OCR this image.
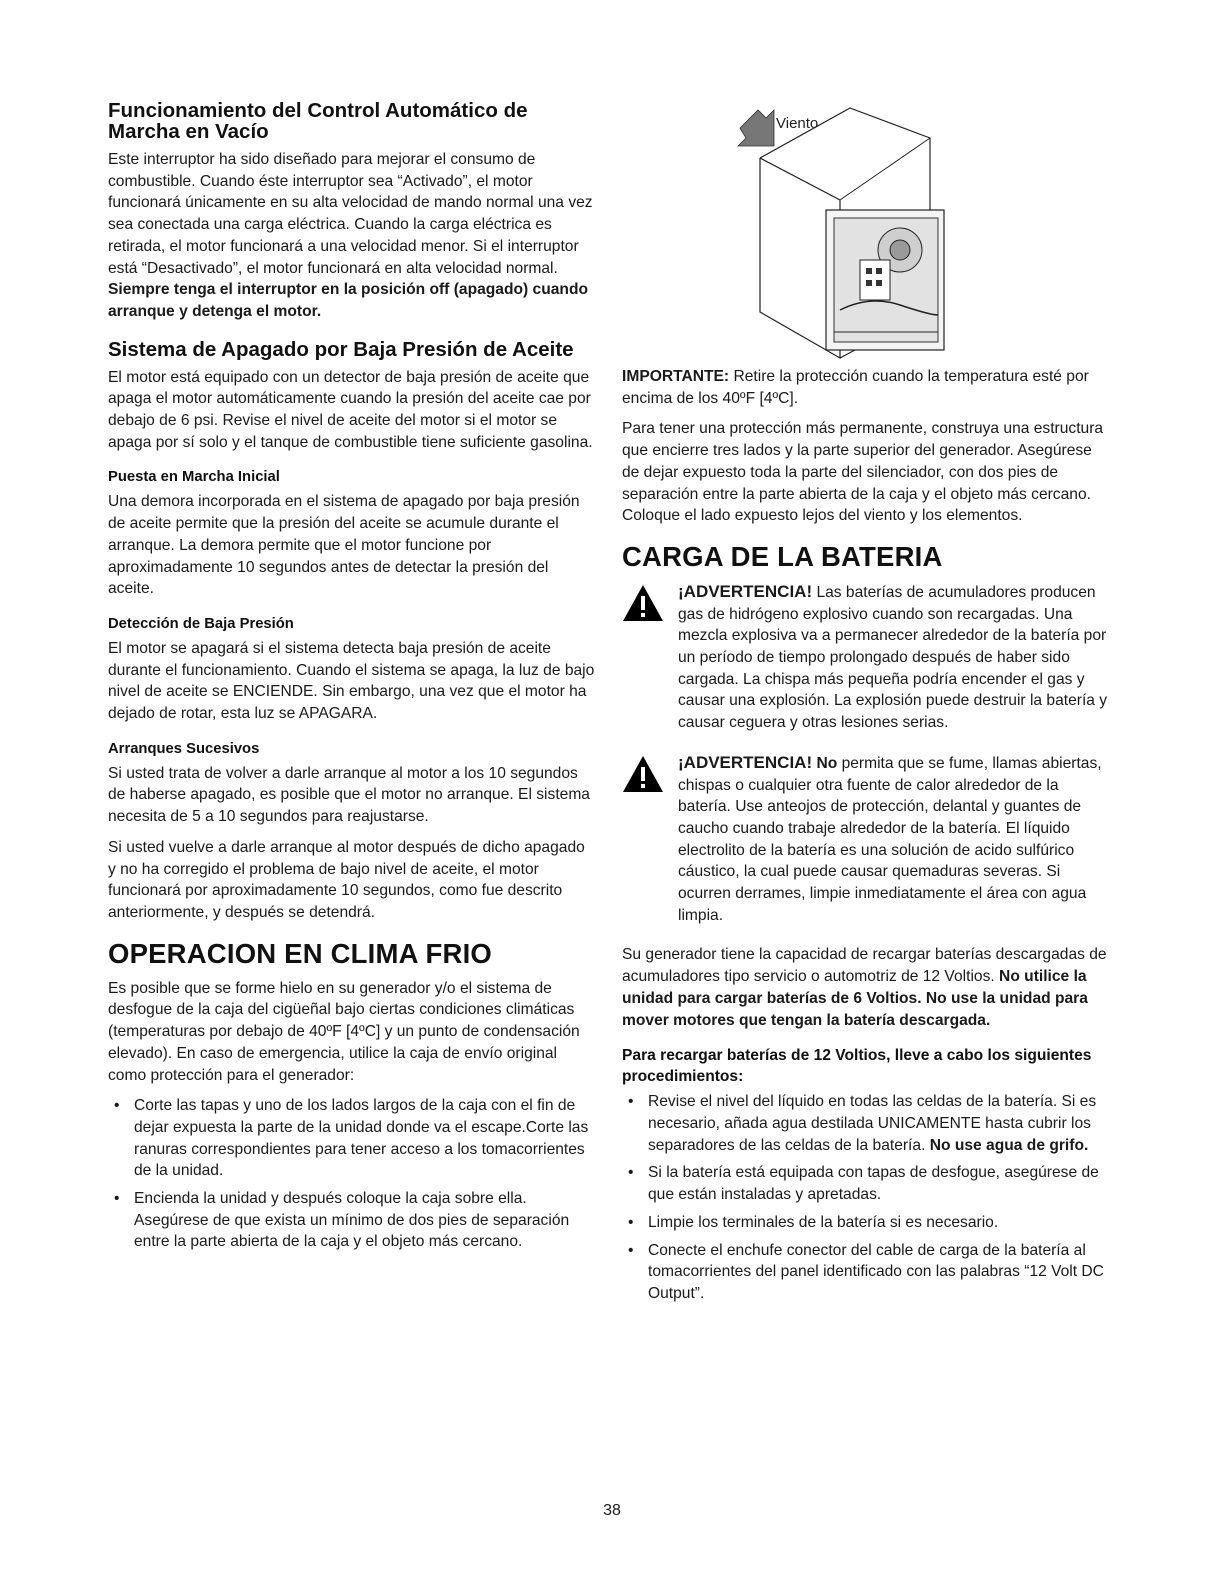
Funcionamiento del Control Automático de Marcha en Vacío

Este interruptor ha sido diseñado para mejorar el consumo de combustible. Cuando éste interruptor sea “Activado”, el motor funcionará únicamente en su alta velocidad de mando normal una vez sea conectada una carga eléctrica. Cuando la carga eléctrica es retirada, el motor funcionará a una velocidad menor. Si el interruptor está “Desactivado”, el motor funcionará en alta velocidad normal. Siempre tenga el interruptor en la posición off (apagado) cuando arranque y detenga el motor.

Sistema de Apagado por Baja Presión de Aceite

El motor está equipado con un detector de baja presión de aceite que apaga el motor automáticamente cuando la presión del aceite cae por debajo de 6 psi. Revise el nivel de aceite del motor si el motor se apaga por sí solo y el tanque de combustible tiene suficiente gasolina.

Puesta en Marcha Inicial

Una demora incorporada en el sistema de apagado por baja presión de aceite permite que la presión del aceite se acumule durante el arranque. La demora permite que el motor funcione por aproximadamente 10 segundos antes de detectar la presión del aceite.

Detección de Baja Presión

El motor se apagará si el sistema detecta baja presión de aceite durante el funcionamiento. Cuando el sistema se apaga, la luz de bajo nivel de aceite se ENCIENDE. Sin embargo, una vez que el motor ha dejado de rotar, esta luz se APAGARA.

Arranques Sucesivos

Si usted trata de volver a darle arranque al motor a los 10 segundos de haberse apagado, es posible que el motor no arranque. El sistema necesita de 5 a 10 segundos para reajustarse.

Si usted vuelve a darle arranque al motor después de dicho apagado y no ha corregido el problema de bajo nivel de aceite, el motor funcionará por aproximadamente 10 segundos, como fue descrito anteriormente, y después se detendrá.

OPERACION EN CLIMA FRIO

Es posible que se forme hielo en su generador y/o el sistema de desfogue de la caja del cigüeñal bajo ciertas condiciones climáticas (temperaturas por debajo de 40ºF [4ºC] y un punto de condensación elevado). En caso de emergencia, utilice la caja de envío original como protección para el generador:

• Corte las tapas y uno de los lados largos de la caja con el fin de dejar expuesta la parte de la unidad donde va el escape.Corte las ranuras correspondientes para tener acceso a los tomacorrientes de la unidad.
• Encienda la unidad y después coloque la caja sobre ella. Asegúrese de que exista un mínimo de dos pies de separación entre la parte abierta de la caja y el objeto más cercano.
Viento

IMPORTANTE: Retire la protección cuando la temperatura esté por encima de los 40ºF [4ºC].

Para tener una protección más permanente, construya una estructura que encierre tres lados y la parte superior del generador. Asegúrese de dejar expuesto toda la parte del silenciador, con dos pies de separación entre la parte abierta de la caja y el objeto más cercano. Coloque el lado expuesto lejos del viento y los elementos.

CARGA DE LA BATERIA
¡ADVERTENCIA! Las baterías de acumuladores producen gas de hidrógeno explosivo cuando son recargadas. Una mezcla explosiva va a permanecer alrededor de la batería por un período de tiempo prolongado después de haber sido cargada. La chispa más pequeña podría encender el gas y causar una explosión. La explosión puede destruir la batería y causar ceguera y otras lesiones serias.
¡ADVERTENCIA! No permita que se fume, llamas abiertas, chispas o cualquier otra fuente de calor alrededor de la batería. Use anteojos de protección, delantal y guantes de caucho cuando trabaje alrededor de la batería. El líquido electrolito de la batería es una solución de acido sulfúrico cáustico, la cual puede causar quemaduras severas. Si ocurren derrames, limpie inmediatamente el área con agua limpia.

Su generador tiene la capacidad de recargar baterías descargadas de acumuladores tipo servicio o automotriz de 12 Voltios. No utilice la unidad para cargar baterías de 6 Voltios. No use la unidad para mover motores que tengan la batería descargada.

Para recargar baterías de 12 Voltios, lleve a cabo los siguientes procedimientos:
• Revise el nivel del líquido en todas las celdas de la batería. Si es necesario, añada agua destilada UNICAMENTE hasta cubrir los separadores de las celdas de la batería. No use agua de grifo.
• Si la batería está equipada con tapas de desfogue, asegúrese de que están instaladas y apretadas.
• Limpie los terminales de la batería si es necesario.
• Conecte el enchufe conector del cable de carga de la batería al tomacorrientes del panel identificado con las palabras “12 Volt DC Output”.
38
